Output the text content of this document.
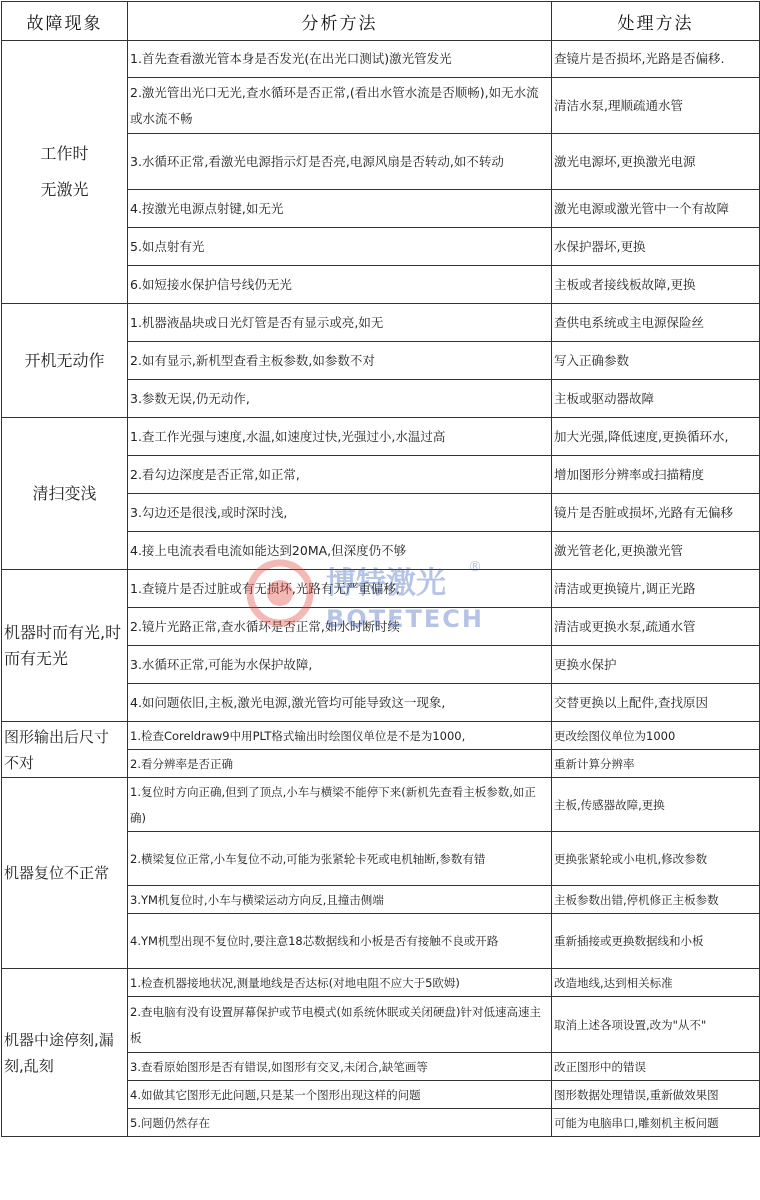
故障现象	分析方法	处理方法
工作时
无激光	1.首先查看激光管本身是否发光(在出光口测试)激光管发光	查镜片是否损坏,光路是否偏移.
	2.激光管出光口无光,查水循环是否正常,(看出水管水流是否顺畅),如无水流或水流不畅	清洁水泵,理顺疏通水管
	3.水循环正常,看激光电源指示灯是否亮,电源风扇是否转动,如不转动	激光电源坏,更换激光电源
	4.按激光电源点射键,如无光	激光电源或激光管中一个有故障
	5.如点射有光	水保护器坏,更换
	6.如短接水保护信号线仍无光	主板或者接线板故障,更换
开机无动作	1.机器液晶块或日光灯管是否有显示或亮,如无	查供电系统或主电源保险丝
	2.如有显示,新机型查看主板参数,如参数不对	写入正确参数
	3.参数无误,仍无动作,	主板或驱动器故障
清扫变浅	1.查工作光强与速度,水温,如速度过快,光强过小,水温过高	加大光强,降低速度,更换循环水,
	2.看勾边深度是否正常,如正常,	增加图形分辨率或扫描精度
	3.勾边还是很浅,或时深时浅,	镜片是否脏或损坏,光路有无偏移
	4.接上电流表看电流如能达到20MA,但深度仍不够	激光管老化,更换激光管
机器时而有光,时
而有无光	1.查镜片是否过脏或有无损坏,光路有无严重偏移,	清洁或更换镜片,调正光路
	2.镜片光路正常,查水循环是否正常,如水时断时续	清洁或更换水泵,疏通水管
	3.水循环正常,可能为水保护故障,	更换水保护
	4.如问题依旧,主板,激光电源,激光管均可能导致这一现象,	交替更换以上配件,查找原因
图形输出后尺寸
不对	1.检查Coreldraw9中用PLT格式输出时绘图仪单位是不是为1000,	更改绘图仪单位为1000
	2.看分辨率是否正确	重新计算分辨率
机器复位不正常	1.复位时方向正确,但到了顶点,小车与横梁不能停下来(新机先查看主板参数,如正确)	主板,传感器故障,更换
	2.横梁复位正常,小车复位不动,可能为张紧轮卡死或电机轴断,参数有错	更换张紧轮或小电机,修改参数
	3.YM机复位时,小车与横梁运动方向反,且撞击侧端	主板参数出错,停机修正主板参数
	4.YM机型出现不复位时,要注意18芯数据线和小板是否有接触不良或开路	重新插接或更换数据线和小板
机器中途停刻,漏
刻,乱刻	1.检查机器接地状况,测量地线是否达标(对地电阻不应大于5欧姆)	改造地线,达到相关标准
	2.查电脑有没有设置屏幕保护或节电模式(如系统休眠或关闭硬盘)针对低速高速主板	取消上述各项设置,改为"从不"
	3.查看原始图形是否有错误,如图形有交叉,未闭合,缺笔画等	改正图形中的错误
	4.如做其它图形无此问题,只是某一个图形出现这样的问题	图形数据处理错误,重新做效果图
	5.问题仍然存在	可能为电脑串口,雕刻机主板问题
博特激光 ®
BOTETECH
